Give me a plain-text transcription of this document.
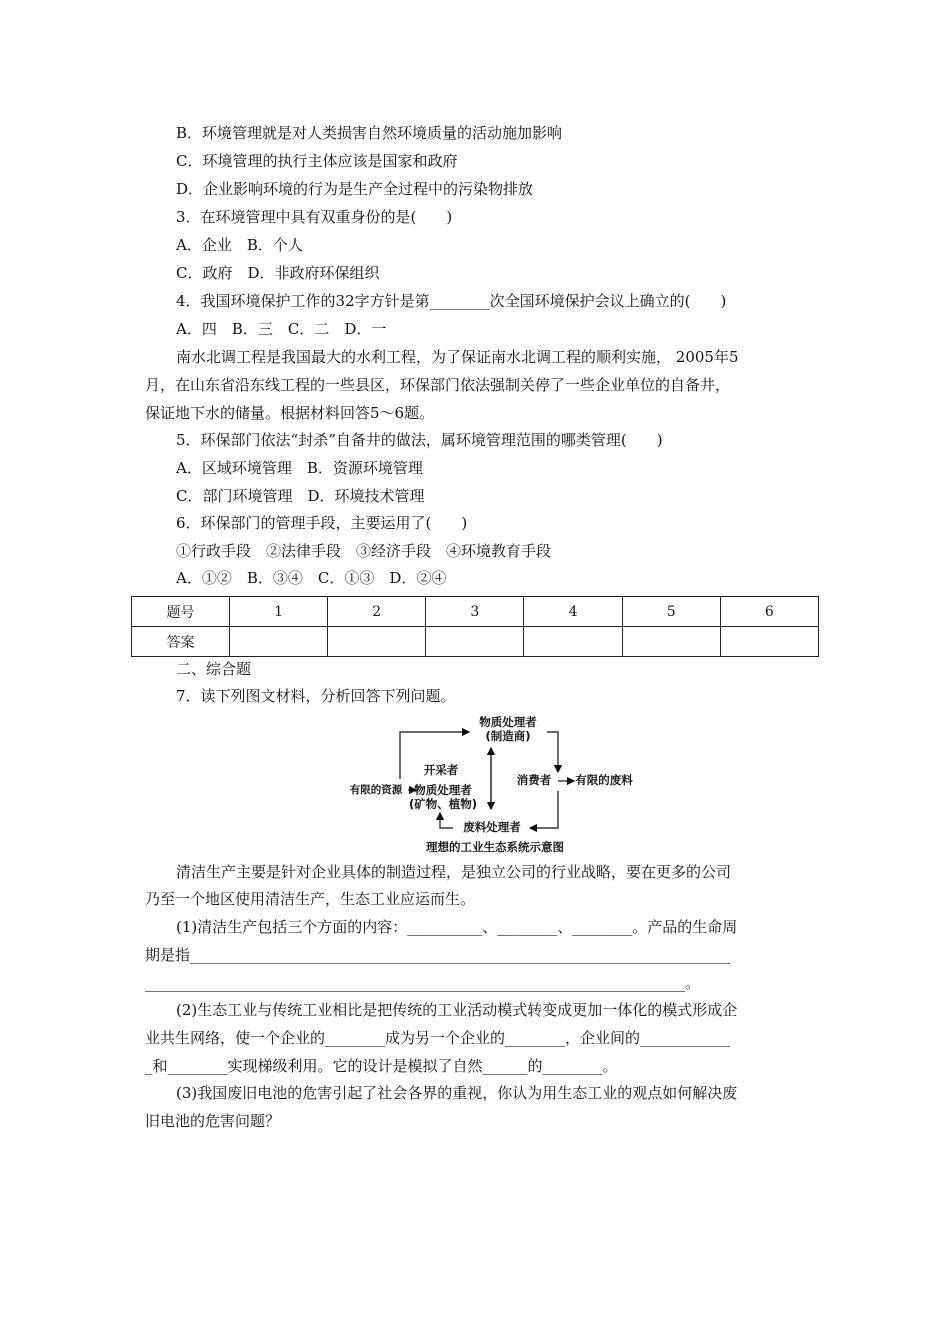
B．环境管理就是对人类损害自然环境质量的活动施加影响
C．环境管理的执行主体应该是国家和政府
D．企业影响环境的行为是生产全过程中的污染物排放
3．在环境管理中具有双重身份的是(　　)
A．企业　B．个人
C．政府　D．非政府环保组织
4．我国环境保护工作的32字方针是第________次全国环境保护会议上确立的(　　)
A．四　B．三　C．二　D．一
南水北调工程是我国最大的水利工程，为了保证南水北调工程的顺利实施， 2005年5
月，在山东省沿东线工程的一些县区，环保部门依法强制关停了一些企业单位的自备井，
保证地下水的储量。根据材料回答5～6题。
5．环保部门依法“封杀”自备井的做法，属环境管理范围的哪类管理(　　)
A．区域环境管理　B．资源环境管理
C．部门环境管理　D．环境技术管理
6．环保部门的管理手段，主要运用了(　　)
①行政手段　②法律手段　③经济手段　④环境教育手段
A．①②　B．③④　C．①③　D．②④
题号	1	2	3	4	5	6
答案						
二、综合题
7．读下列图文材料，分析回答下列问题。
物质处理者
(制造商)
开采者
消费者 有限的废料
有限的资源 物质处理者
(矿物、植物)
废料处理者
理想的工业生态系统示意图
清洁生产主要是针对企业具体的制造过程，是独立公司的行业战略，要在更多的公司
乃至一个地区使用清洁生产，生态工业应运而生。
(1)清洁生产包括三个方面的内容：__________、________、________。产品的生命周
期是指________________________________________________________________________
________________________________________________________________________。
(2)生态工业与传统工业相比是把传统的工业活动模式转变成更加一体化的模式形成企
业共生网络，使一个企业的________成为另一个企业的________，企业间的____________
_和________实现梯级利用。它的设计是模拟了自然______的________。
(3)我国废旧电池的危害引起了社会各界的重视，你认为用生态工业的观点如何解决废
旧电池的危害问题？
